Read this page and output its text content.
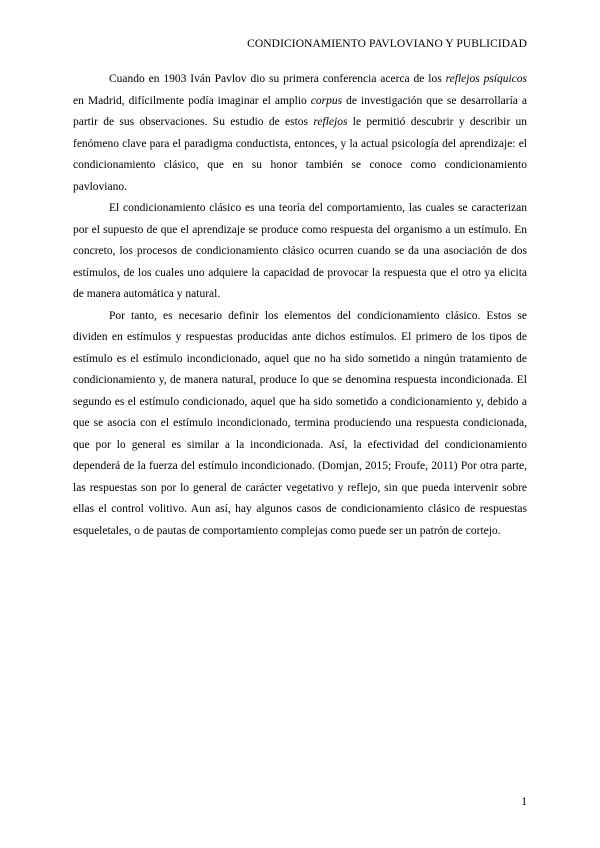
CONDICIONAMIENTO PAVLOVIANO Y PUBLICIDAD

Cuando en 1903 Iván Pavlov dio su primera conferencia acerca de los reflejos psíquicos en Madrid, difícilmente podía imaginar el amplio corpus de investigación que se desarrollaría a partir de sus observaciones. Su estudio de estos reflejos le permitió descubrir y describir un fenómeno clave para el paradigma conductista, entonces, y la actual psicología del aprendizaje: el condicionamiento clásico, que en su honor también se conoce como condicionamiento pavloviano.

El condicionamiento clásico es una teoría del comportamiento, las cuales se caracterizan por el supuesto de que el aprendizaje se produce como respuesta del organismo a un estímulo. En concreto, los procesos de condicionamiento clásico ocurren cuando se da una asociación de dos estímulos, de los cuales uno adquiere la capacidad de provocar la respuesta que el otro ya elicita de manera automática y natural.

Por tanto, es necesario definir los elementos del condicionamiento clásico. Estos se dividen en estímulos y respuestas producidas ante dichos estímulos. El primero de los tipos de estímulo es el estímulo incondicionado, aquel que no ha sido sometido a ningún tratamiento de condicionamiento y, de manera natural, produce lo que se denomina respuesta incondicionada. El segundo es el estímulo condicionado, aquel que ha sido sometido a condicionamiento y, debido a que se asocia con el estímulo incondicionado, termina produciendo una respuesta condicionada, que por lo general es similar a la incondicionada. Así, la efectividad del condicionamiento dependerá de la fuerza del estímulo incondicionado. (Domjan, 2015; Froufe, 2011) Por otra parte, las respuestas son por lo general de carácter vegetativo y reflejo, sin que pueda intervenir sobre ellas el control volitivo. Aun así, hay algunos casos de condicionamiento clásico de respuestas esqueletales, o de pautas de comportamiento complejas como puede ser un patrón de cortejo.

1
